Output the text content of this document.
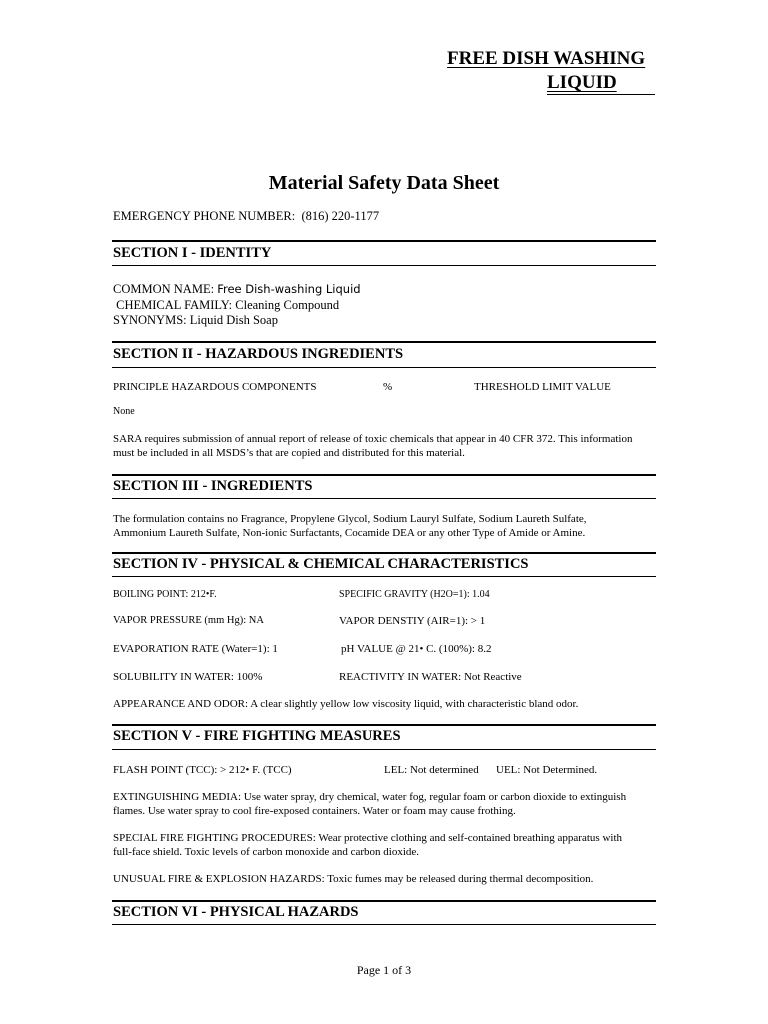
FREE DISH WASHING
LIQUID
Material Safety Data Sheet
EMERGENCY PHONE NUMBER: (816) 220-1177
SECTION I - IDENTITY
COMMON NAME: Free Dish-washing Liquid
CHEMICAL FAMILY: Cleaning Compound
SYNONYMS: Liquid Dish Soap
SECTION II - HAZARDOUS INGREDIENTS
PRINCIPLE HAZARDOUS COMPONENTS	%	THRESHOLD LIMIT VALUE
None
SARA requires submission of annual report of release of toxic chemicals that appear in 40 CFR 372. This information
must be included in all MSDS’s that are copied and distributed for this material.
SECTION III - INGREDIENTS
The formulation contains no Fragrance, Propylene Glycol, Sodium Lauryl Sulfate, Sodium Laureth Sulfate,
Ammonium Laureth Sulfate, Non-ionic Surfactants, Cocamide DEA or any other Type of Amide or Amine.
SECTION IV - PHYSICAL & CHEMICAL CHARACTERISTICS
BOILING POINT: 212•F.	SPECIFIC GRAVITY (H2O=1): 1.04
VAPOR PRESSURE (mm Hg): NA	VAPOR DENSTIY (AIR=1): > 1
EVAPORATION RATE (Water=1): 1	pH VALUE @ 21• C. (100%): 8.2
SOLUBILITY IN WATER: 100%	REACTIVITY IN WATER: Not Reactive
APPEARANCE AND ODOR: A clear slightly yellow low viscosity liquid, with characteristic bland odor.
SECTION V - FIRE FIGHTING MEASURES
FLASH POINT (TCC): > 212• F. (TCC)	LEL: Not determined UEL: Not Determined.
EXTINGUISHING MEDIA: Use water spray, dry chemical, water fog, regular foam or carbon dioxide to extinguish
flames. Use water spray to cool fire-exposed containers. Water or foam may cause frothing.
SPECIAL FIRE FIGHTING PROCEDURES: Wear protective clothing and self-contained breathing apparatus with
full-face shield. Toxic levels of carbon monoxide and carbon dioxide.
UNUSUAL FIRE & EXPLOSION HAZARDS: Toxic fumes may be released during thermal decomposition.
SECTION VI - PHYSICAL HAZARDS
Page 1 of 3
